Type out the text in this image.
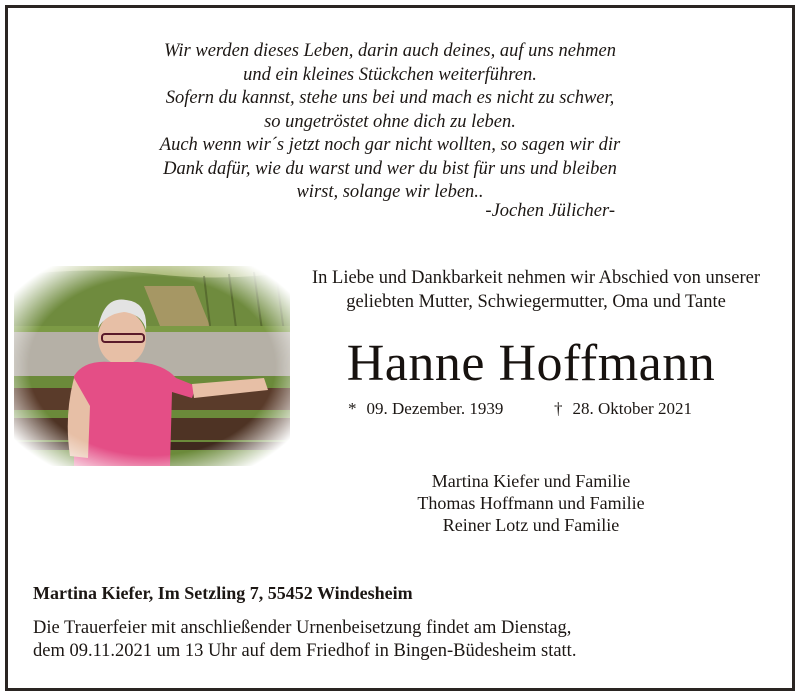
Wir werden dieses Leben, darin auch deines, auf uns nehmen
und ein kleines Stückchen weiterführen.
Sofern du kannst, stehe uns bei und mach es nicht zu schwer,
so ungetröstet ohne dich zu leben.
Auch wenn wir´s jetzt noch gar nicht wollten, so sagen wir dir
Dank dafür, wie du warst und wer du bist für uns und bleiben
wirst, solange wir leben..
-Jochen Jülicher-
In Liebe und Dankbarkeit nehmen wir Abschied von unserer
geliebten Mutter, Schwiegermutter, Oma und Tante
Hanne Hoffmann
* 09. Dezember. 1939	† 28. Oktober 2021
Martina Kiefer und Familie
Thomas Hoffmann und Familie
Reiner Lotz und Familie
Martina Kiefer, Im Setzling 7, 55452 Windesheim
Die Trauerfeier mit anschließender Urnenbeisetzung findet am Dienstag,
dem 09.11.2021 um 13 Uhr auf dem Friedhof in Bingen-Büdesheim statt.
